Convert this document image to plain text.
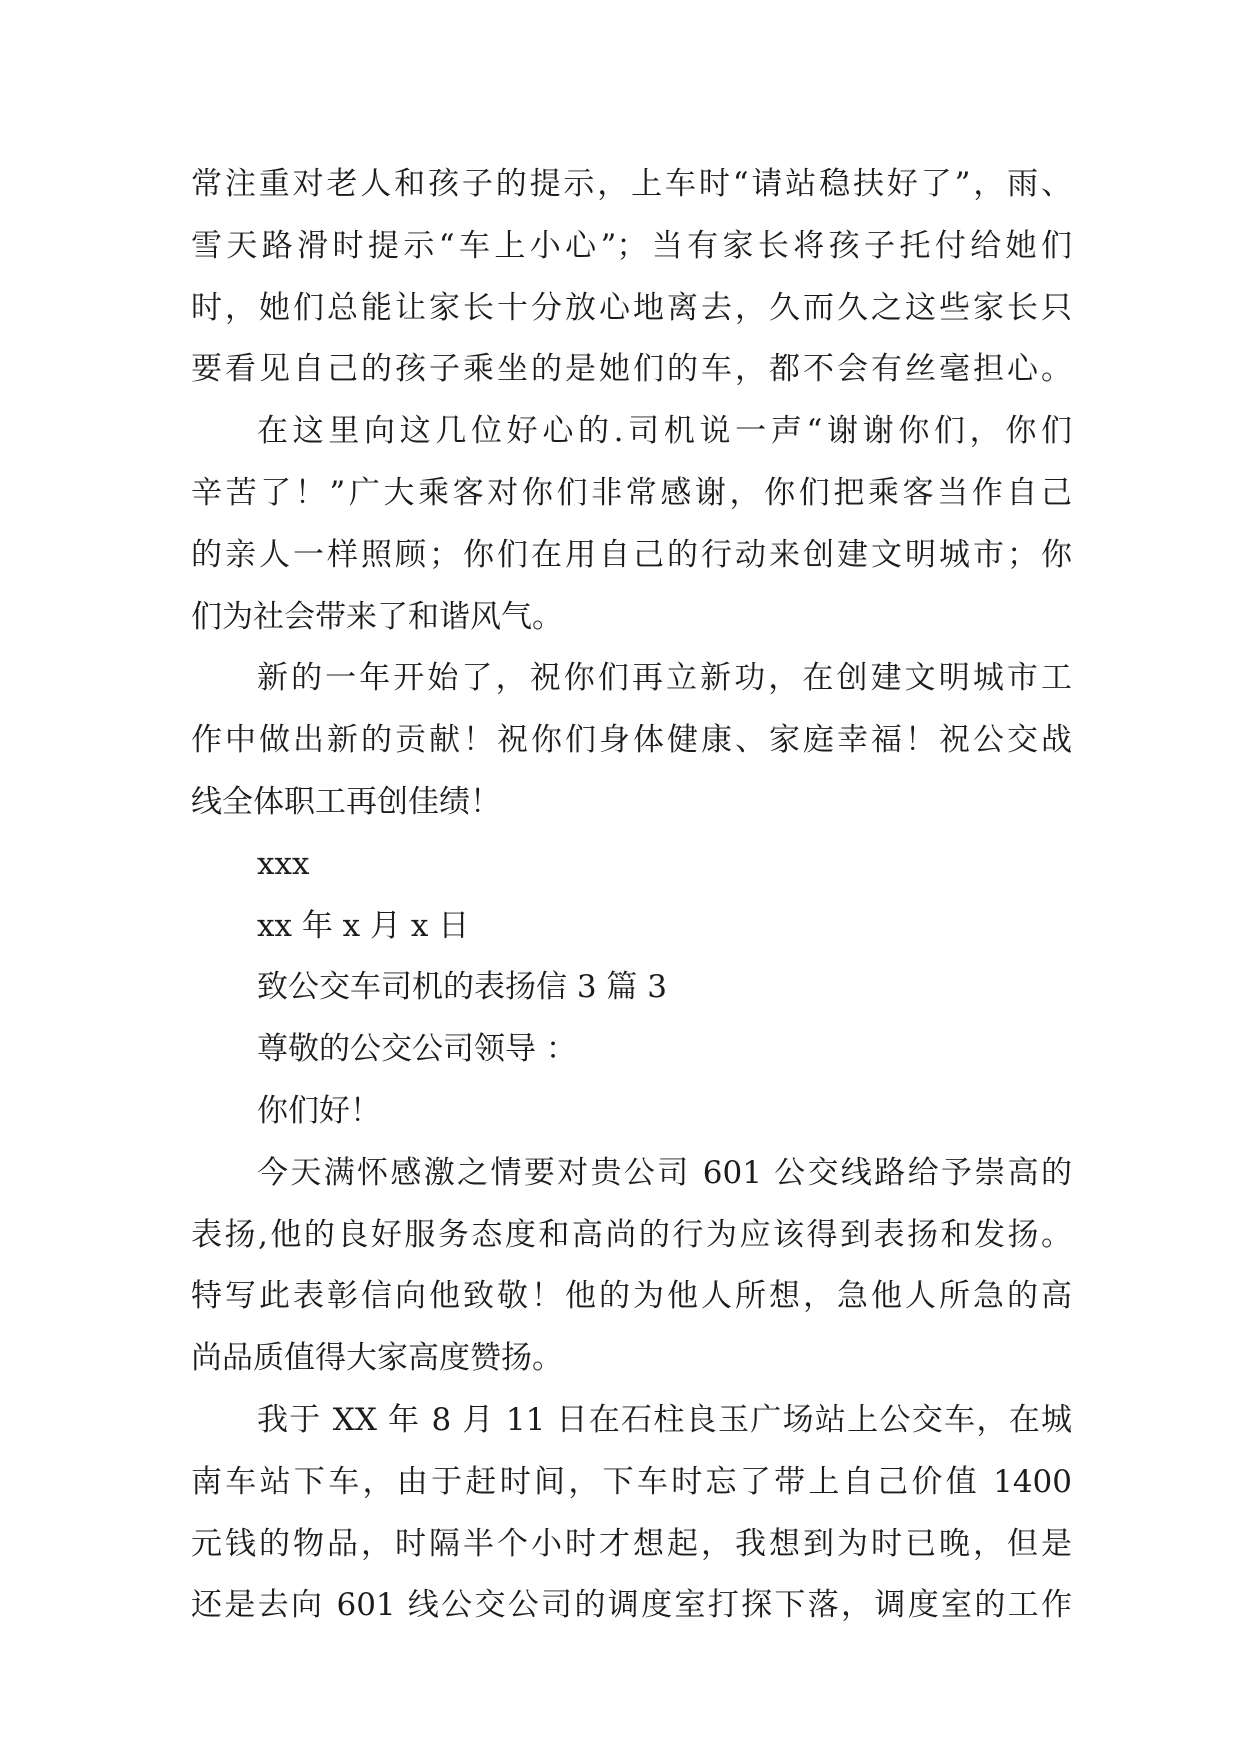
常注重对老人和孩子的提示，上车时“请站稳扶好了”，雨、
雪天路滑时提示“车上小心”；当有家长将孩子托付给她们
时，她们总能让家长十分放心地离去，久而久之这些家长只
要看见自己的孩子乘坐的是她们的车，都不会有丝毫担心。
在这里向这几位好心的.司机说一声“谢谢你们，你们
辛苦了！”广大乘客对你们非常感谢，你们把乘客当作自己
的亲人一样照顾；你们在用自己的行动来创建文明城市；你
们为社会带来了和谐风气。
新的一年开始了，祝你们再立新功，在创建文明城市工
作中做出新的贡献！祝你们身体健康、家庭幸福！祝公交战
线全体职工再创佳绩！
xxx
xx 年 x 月 x 日
致公交车司机的表扬信 3 篇 3
尊敬的公交公司领导 ：
你们好！
今天满怀感激之情要对贵公司 601 公交线路给予崇高的
表扬,他的良好服务态度和高尚的行为应该得到表扬和发扬。
特写此表彰信向他致敬！他的为他人所想，急他人所急的高
尚品质值得大家高度赞扬。
我于 XX 年 8 月 11 日在石柱良玉广场站上公交车，在城
南车站下车，由于赶时间，下车时忘了带上自己价值 1400
元钱的物品，时隔半个小时才想起，我想到为时已晚，但是
还是去向 601 线公交公司的调度室打探下落，调度室的工作
